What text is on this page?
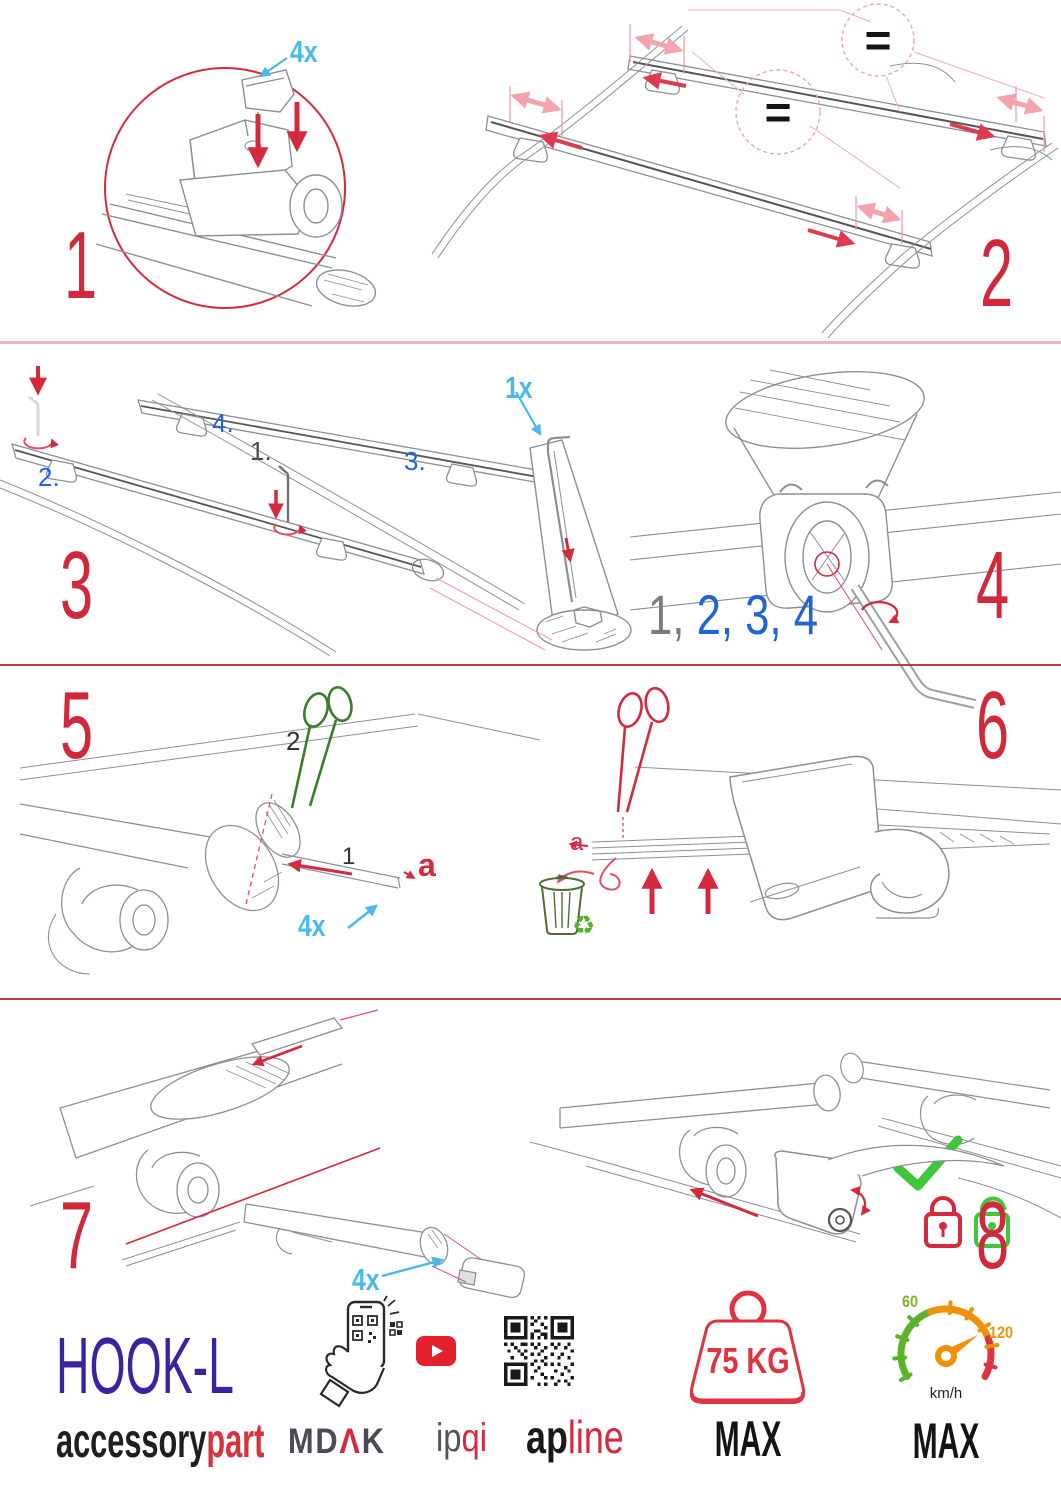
4x
1
=
=
2
1.
2.
3.
4.
1x
3	1, 2, 3, 4 4
2
1 a
4x
5
♻
a
6
4x
7	8
HOOK-L
accessorypart MDΛK ipqi apline
75 KG
MAX
60
120
km/h
MAX
